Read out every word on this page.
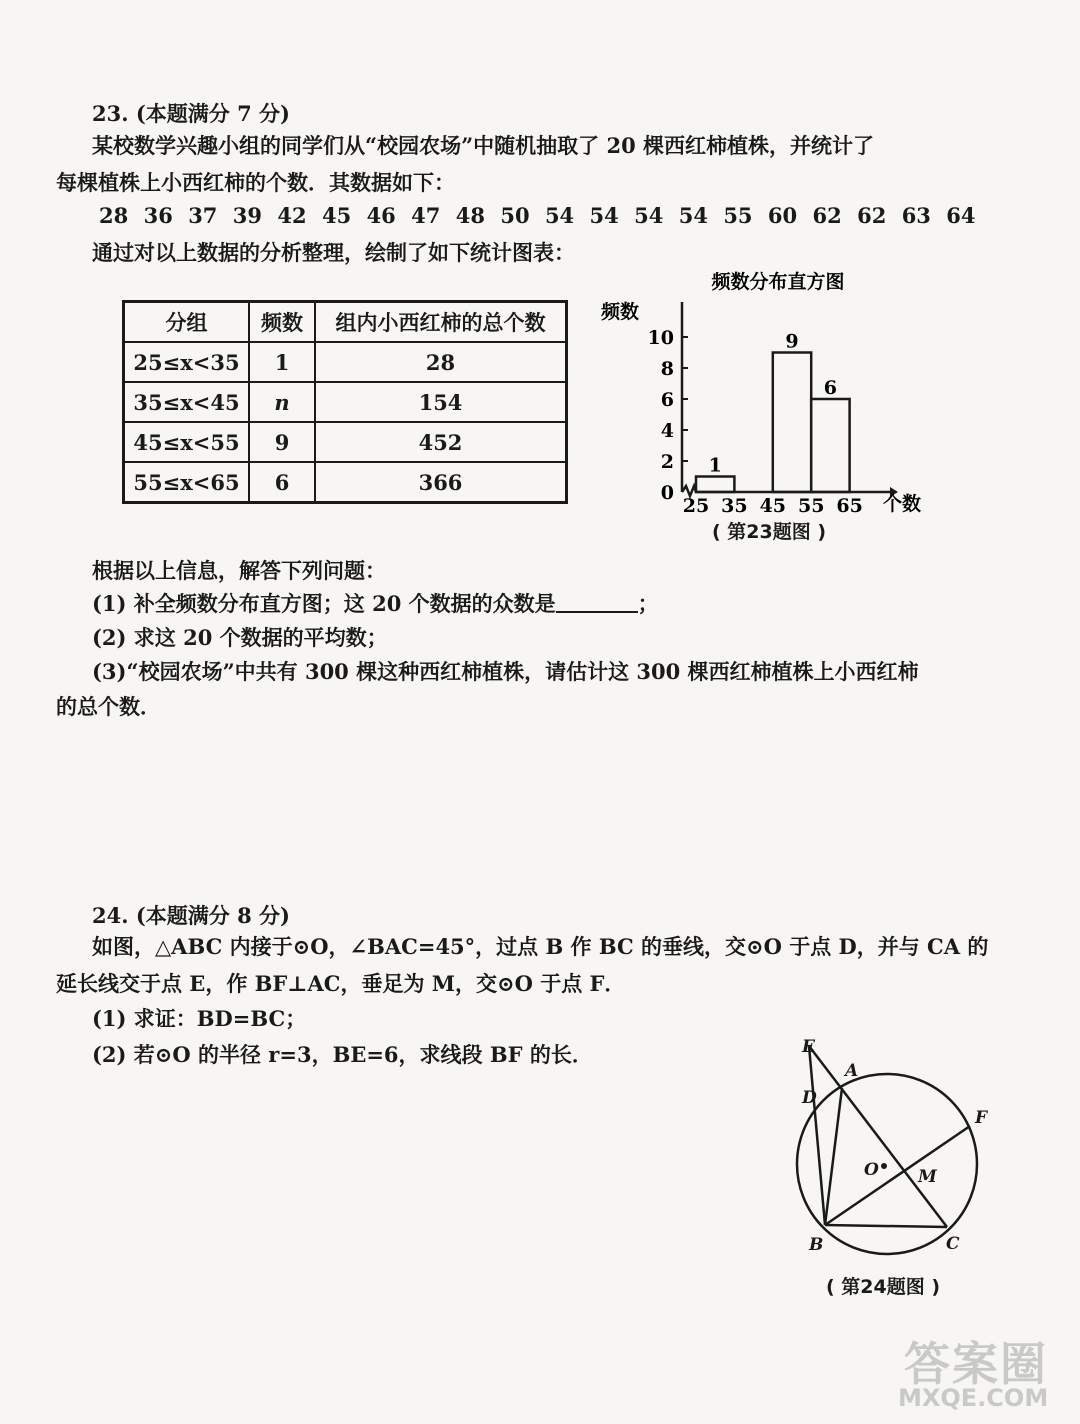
23. (本题满分 7 分)
某校数学兴趣小组的同学们从“校园农场”中随机抽取了 20 棵西红柿植株，并统计了
每棵植株上小西红柿的个数．其数据如下：
28 36 37 39 42 45 46 47 48 50 54 54 54 54 55 60 62 62 63 64
通过对以上数据的分析整理，绘制了如下统计图表：
分组	频数	组内小西红柿的总个数
25≤x<35	1	28
35≤x<45	n	154
45≤x<55	9	452
55≤x<65	6	366
频数分布直方图
频数
1
9
6
0
2
4
6
8
10
25 35 45 55 65 个数
( 第23题图 )
根据以上信息，解答下列问题：
(1) 补全频数分布直方图；这 20 个数据的众数是	；
(2) 求这 20 个数据的平均数；
(3)“校园农场”中共有 300 棵这种西红柿植株，请估计这 300 棵西红柿植株上小西红柿
的总个数．
24. (本题满分 8 分)
如图，△ABC 内接于⊙O，∠BAC=45°，过点 B 作 BC 的垂线，交⊙O 于点 D，并与 CA 的
延长线交于点 E，作 BF⊥AC，垂足为 M，交⊙O 于点 F．
(1) 求证：BD=BC；
(2) 若⊙O 的半径 r=3，BE=6，求线段 BF 的长．	E
A
D
F
O M
B	C
( 第24题图 )
答案圈
MXQE.COM
